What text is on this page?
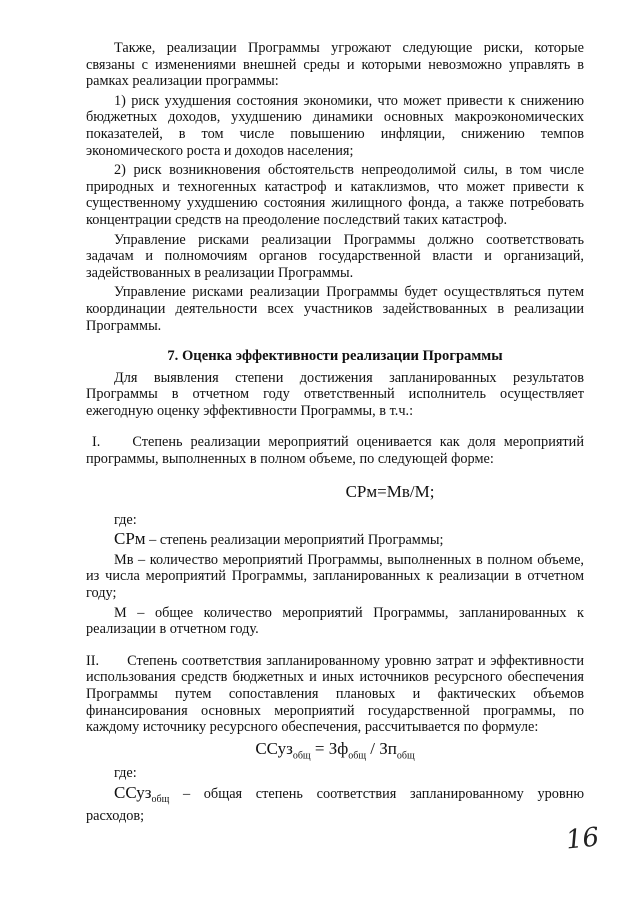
Также, реализации Программы угрожают следующие риски, которые связаны с изменениями внешней среды и которыми невозможно управлять в рамках реализации программы:

1) риск ухудшения состояния экономики, что может привести к снижению бюджетных доходов, ухудшению динамики основных макроэкономических показателей, в том числе повышению инфляции, снижению темпов экономического роста и доходов населения;

2) риск возникновения обстоятельств непреодолимой силы, в том числе природных и техногенных катастроф и катаклизмов, что может привести к существенному ухудшению состояния жилищного фонда, а также потребовать концентрации средств на преодоление последствий таких катастроф.

Управление рисками реализации Программы должно соответствовать задачам и полномочиям органов государственной власти и организаций, задействованных в реализации Программы.

Управление рисками реализации Программы будет осуществляться путем координации деятельности всех участников задействованных в реализации Программы.

7. Оценка эффективности реализации Программы

Для выявления степени достижения запланированных результатов Программы в отчетном году ответственный исполнитель осуществляет ежегодную оценку эффективности Программы, в т.ч.:

I. Степень реализации мероприятий оценивается как доля мероприятий программы, выполненных в полном объеме, по следующей форме:

СРм=Мв/М;

где:

СРм – степень реализации мероприятий Программы;

Мв – количество мероприятий Программы, выполненных в полном объеме, из числа мероприятий Программы, запланированных к реализации в отчетном году;

М – общее количество мероприятий Программы, запланированных к реализации в отчетном году.

II. Степень соответствия запланированному уровню затрат и эффективности использования средств бюджетных и иных источников ресурсного обеспечения Программы путем сопоставления плановых и фактических объемов финансирования основных мероприятий государственной программы, по каждому источнику ресурсного обеспечения, рассчитывается по формуле:

ССуз$_{общ}$ = $Зф_{общ} / Зп_{общ}$

где:

ССуз$_{общ}$ – общая степень соответствия запланированному уровню расходов;

16
